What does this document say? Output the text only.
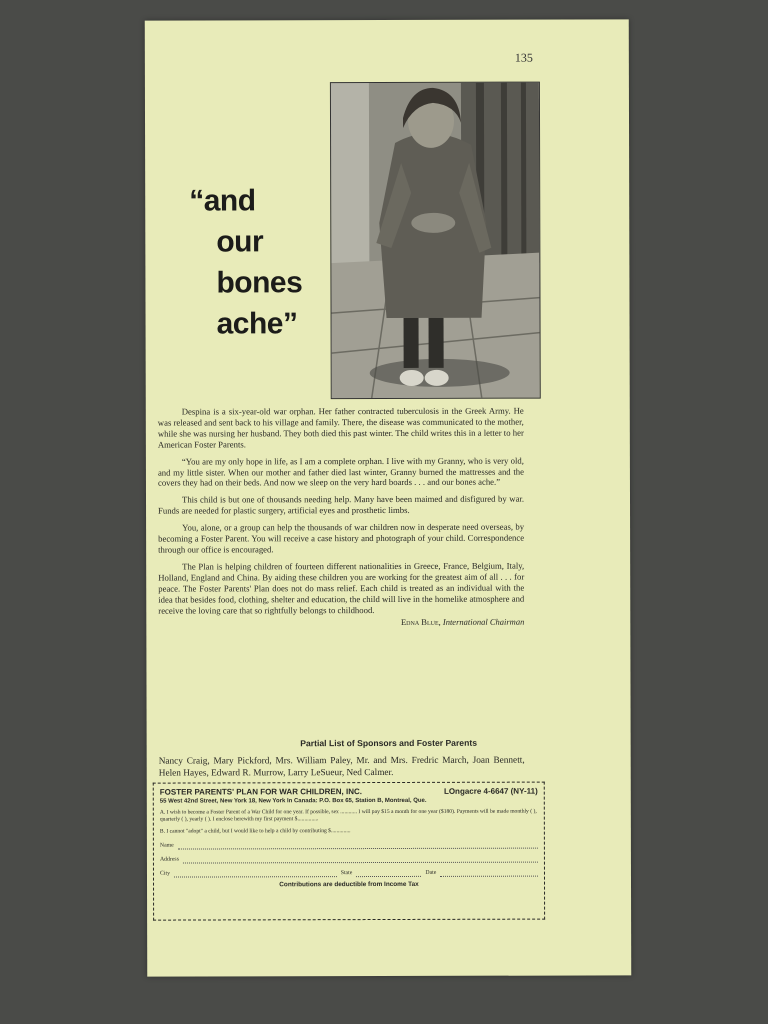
135
“and
our
bones
ache”

Despina is a six-year-old war orphan. Her father contracted tuberculosis in the Greek Army. He was released and sent back to his village and family. There, the disease was communicated to the mother, while she was nursing her husband. They both died this past winter. The child writes this in a letter to her American Foster Parents.

“You are my only hope in life, as I am a complete orphan. I live with my Granny, who is very old, and my little sister. When our mother and father died last winter, Granny burned the mattresses and the covers they had on their beds. And now we sleep on the very hard boards . . . and our bones ache.”

This child is but one of thousands needing help. Many have been maimed and disfigured by war. Funds are needed for plastic surgery, artificial eyes and prosthetic limbs.

You, alone, or a group can help the thousands of war children now in desperate need overseas, by becoming a Foster Parent. You will receive a case history and photograph of your child. Correspondence through our office is encouraged.

The Plan is helping children of fourteen different nationalities in Greece, France, Belgium, Italy, Holland, England and China. By aiding these children you are working for the greatest aim of all . . . for peace. The Foster Parents' Plan does not do mass relief. Each child is treated as an individual with the idea that besides food, clothing, shelter and education, the child will live in the homelike atmosphere and receive the loving care that so rightfully belongs to childhood.

Edna Blue, International Chairman
Partial List of Sponsors and Foster Parents
Nancy Craig, Mary Pickford, Mrs. William Paley, Mr. and Mrs. Fredric March, Joan Bennett, Helen Hayes, Edward R. Murrow, Larry LeSueur, Ned Calmer.
FOSTER PARENTS' PLAN FOR WAR CHILDREN, INC.	LOngacre 4-6647 (NY-11)
55 West 42nd Street, New York 18, New York In Canada: P.O. Box 65, Station B, Montreal, Que.
A. I wish to become a Foster Parent of a War Child for one year. If possible, sex ............ I will pay $15 a month for one year ($180). Payments will be made monthly ( ), quarterly ( ), yearly ( ). I enclose herewith my first payment $...............
B. I cannot "adopt" a child, but I would like to help a child by contributing $..............
Name
Address
City	State	Date
Contributions are deductible from Income Tax
